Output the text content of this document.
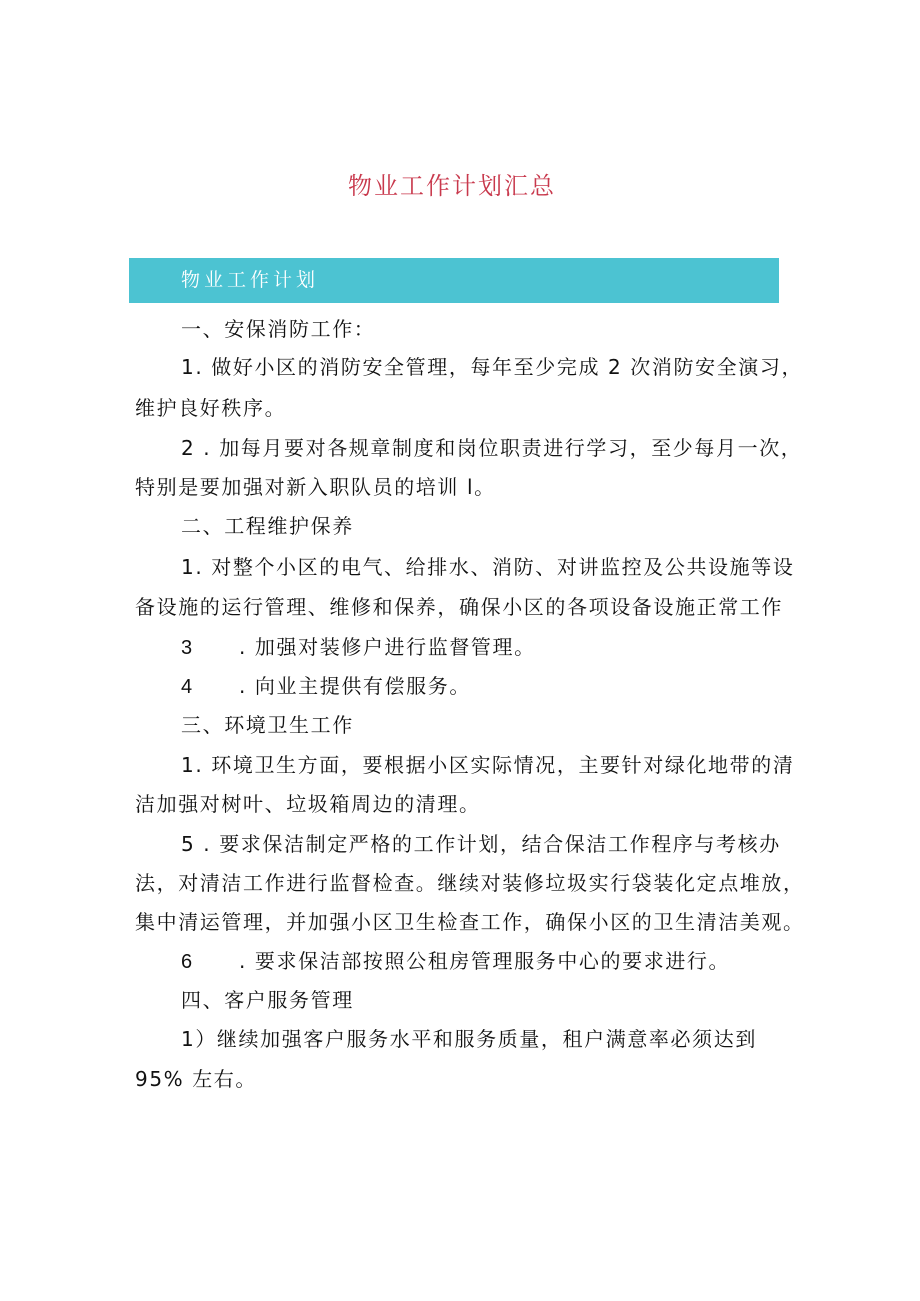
物业工作计划汇总
物业工作计划
一、安保消防工作：
1. 做好小区的消防安全管理，每年至少完成 2 次消防安全演习，
维护良好秩序。
2 . 加每月要对各规章制度和岗位职责进行学习，至少每月一次，
特别是要加强对新入职队员的培训 l。
二、工程维护保养
1. 对整个小区的电气、给排水、消防、对讲监控及公共设施等设
备设施的运行管理、维修和保养，确保小区的各项设备设施正常工作
3 . 加强对装修户进行监督管理。
4 . 向业主提供有偿服务。
三、环境卫生工作
1. 环境卫生方面，要根据小区实际情况，主要针对绿化地带的清
洁加强对树叶、垃圾箱周边的清理。
5 . 要求保洁制定严格的工作计划，结合保洁工作程序与考核办
法，对清洁工作进行监督检查。继续对装修垃圾实行袋装化定点堆放，
集中清运管理，并加强小区卫生检查工作，确保小区的卫生清洁美观。
6 . 要求保洁部按照公租房管理服务中心的要求进行。
四、客户服务管理
1）继续加强客户服务水平和服务质量，租户满意率必须达到
95% 左右。
